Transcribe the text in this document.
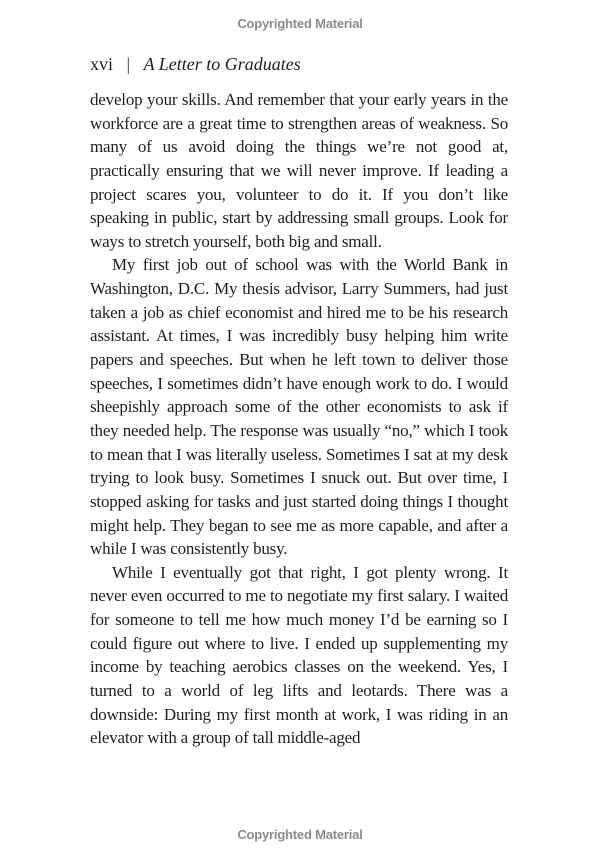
Copyrighted Material
xvi | A Letter to Graduates

develop your skills. And remember that your early years in the workforce are a great time to strengthen areas of weakness. So many of us avoid doing the things we’re not good at, practically ensuring that we will never improve. If leading a project scares you, volunteer to do it. If you don’t like speaking in public, start by addressing small groups. Look for ways to stretch yourself, both big and small.

My first job out of school was with the World Bank in Washington, D.C. My thesis advisor, Larry Summers, had just taken a job as chief economist and hired me to be his research assistant. At times, I was incredibly busy helping him write papers and speeches. But when he left town to deliver those speeches, I sometimes didn’t have enough work to do. I would sheepishly approach some of the other economists to ask if they needed help. The response was usually “no,” which I took to mean that I was literally useless. Sometimes I sat at my desk trying to look busy. Sometimes I snuck out. But over time, I stopped asking for tasks and just started doing things I thought might help. They began to see me as more capable, and after a while I was consistently busy.

While I eventually got that right, I got plenty wrong. It never even occurred to me to negotiate my first salary. I waited for someone to tell me how much money I’d be earning so I could figure out where to live. I ended up supplementing my income by teaching aerobics classes on the weekend. Yes, I turned to a world of leg lifts and leotards. There was a downside: During my first month at work, I was riding in an elevator with a group of tall middle-aged

Copyrighted Material
